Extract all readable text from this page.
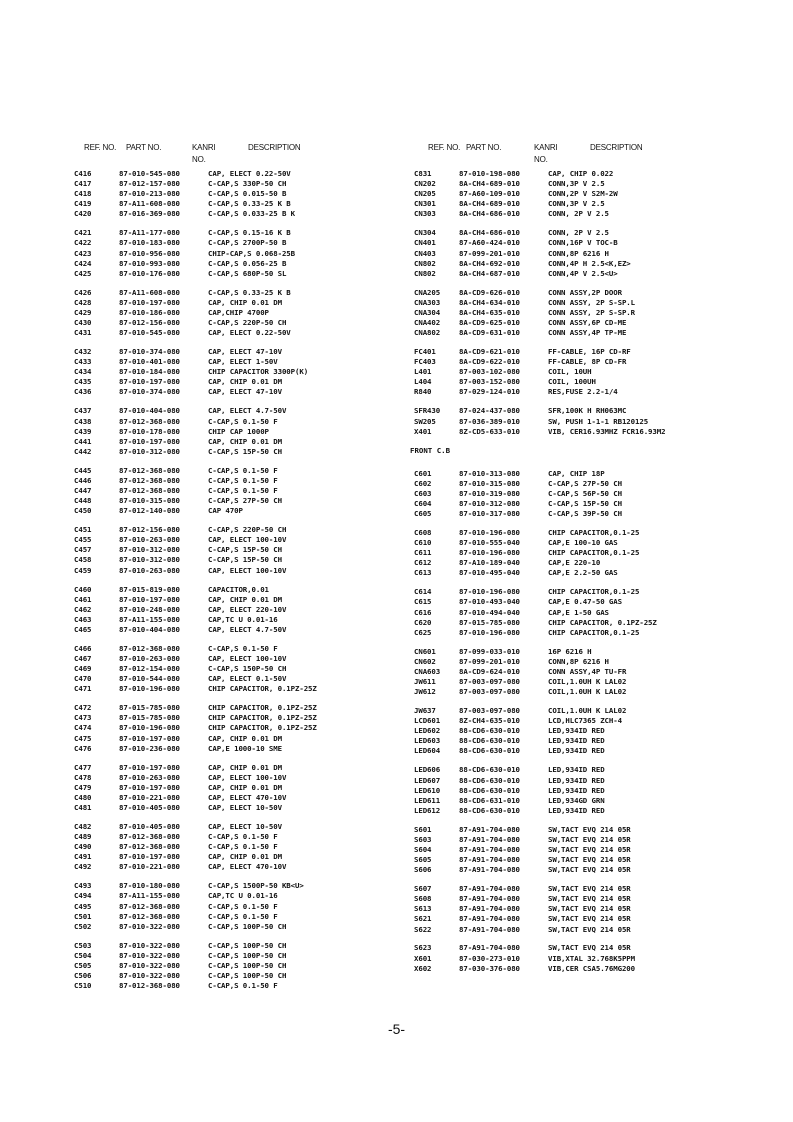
REF. NO. PART NO.	KANRI
NO.
DESCRIPTION
C416	87-010-545-080	CAP, ELECT 0.22-50V
C417	87-012-157-080	C-CAP,S 330P-50 CH
C418	87-010-213-080	C-CAP,S 0.015-50 B
C419	87-A11-608-080	C-CAP,S 0.33-25 K B
C420	87-016-369-080	C-CAP,S 0.033-25 B K
C421	87-A11-177-080	C-CAP,S 0.15-16 K B
C422	87-010-183-080	C-CAP,S 2700P-50 B
C423	87-010-956-080	CHIP-CAP,S 0.068-25B
C424	87-010-993-080	C-CAP,S 0.056-25 B
C425	87-010-176-080	C-CAP,S 680P-50 SL
C426	87-A11-608-080	C-CAP,S 0.33-25 K B
C428	87-010-197-080	CAP, CHIP 0.01 DM
C429	87-010-186-080	CAP,CHIP 4700P
C430	87-012-156-080	C-CAP,S 220P-50 CH
C431	87-010-545-080	CAP, ELECT 0.22-50V
C432	87-010-374-080	CAP, ELECT 47-10V
C433	87-010-401-080	CAP, ELECT 1-50V
C434	87-010-184-080	CHIP CAPACITOR 3300P(K)
C435	87-010-197-080	CAP, CHIP 0.01 DM
C436	87-010-374-080	CAP, ELECT 47-10V
C437	87-010-404-080	CAP, ELECT 4.7-50V
C438	87-012-368-080	C-CAP,S 0.1-50 F
C439	87-010-178-080	CHIP CAP 1000P
C441	87-010-197-080	CAP, CHIP 0.01 DM
C442	87-010-312-080	C-CAP,S 15P-50 CH
C445	87-012-368-080	C-CAP,S 0.1-50 F
C446	87-012-368-080	C-CAP,S 0.1-50 F
C447	87-012-368-080	C-CAP,S 0.1-50 F
C448	87-010-315-080	C-CAP,S 27P-50 CH
C450	87-012-140-080	CAP 470P
C451	87-012-156-080	C-CAP,S 220P-50 CH
C455	87-010-263-080	CAP, ELECT 100-10V
C457	87-010-312-080	C-CAP,S 15P-50 CH
C458	87-010-312-080	C-CAP,S 15P-50 CH
C459	87-010-263-080	CAP, ELECT 100-10V
C460	87-015-819-080	CAPACITOR,0.01
C461	87-010-197-080	CAP, CHIP 0.01 DM
C462	87-010-248-080	CAP, ELECT 220-10V
C463	87-A11-155-080	CAP,TC U 0.01-16
C465	87-010-404-080	CAP, ELECT 4.7-50V
C466	87-012-368-080	C-CAP,S 0.1-50 F
C467	87-010-263-080	CAP, ELECT 100-10V
C469	87-012-154-080	C-CAP,S 150P-50 CH
C470	87-010-544-080	CAP, ELECT 0.1-50V
C471	87-010-196-080	CHIP CAPACITOR, 0.1PZ-25Z
C472	87-015-785-080	CHIP CAPACITOR, 0.1PZ-25Z
C473	87-015-785-080	CHIP CAPACITOR, 0.1PZ-25Z
C474	87-010-196-080	CHIP CAPACITOR, 0.1PZ-25Z
C475	87-010-197-080	CAP, CHIP 0.01 DM
C476	87-010-236-080	CAP,E 1000-10 SME
C477	87-010-197-080	CAP, CHIP 0.01 DM
C478	87-010-263-080	CAP, ELECT 100-10V
C479	87-010-197-080	CAP, CHIP 0.01 DM
C480	87-010-221-080	CAP, ELECT 470-10V
C481	87-010-405-080	CAP, ELECT 10-50V
C482	87-010-405-080	CAP, ELECT 10-50V
C489	87-012-368-080	C-CAP,S 0.1-50 F
C490	87-012-368-080	C-CAP,S 0.1-50 F
C491	87-010-197-080	CAP, CHIP 0.01 DM
C492	87-010-221-080	CAP, ELECT 470-10V
C493	87-010-180-080	C-CAP,S 1500P-50 KB<U>
C494	87-A11-155-080	CAP,TC U 0.01-16
C495	87-012-368-080	C-CAP,S 0.1-50 F
C501	87-012-368-080	C-CAP,S 0.1-50 F
C502	87-010-322-080	C-CAP,S 100P-50 CH
C503	87-010-322-080	C-CAP,S 100P-50 CH
C504	87-010-322-080	C-CAP,S 100P-50 CH
C505	87-010-322-080	C-CAP,S 100P-50 CH
C506	87-010-322-080	C-CAP,S 100P-50 CH
C510	87-012-368-080	C-CAP,S 0.1-50 F
REF. NO. PART NO.	KANRI
NO.
DESCRIPTION
C831	87-010-198-080	CAP, CHIP 0.022
CN202	8A-CH4-689-010	CONN,3P V 2.5
CN205	87-A60-109-010	CONN,2P V S2M-2W
CN301	8A-CH4-689-010	CONN,3P V 2.5
CN303	8A-CH4-686-010	CONN, 2P V 2.5
CN304	8A-CH4-686-010	CONN, 2P V 2.5
CN401	87-A60-424-010	CONN,16P V TOC-B
CN403	87-099-201-010	CONN,8P 6216 H
CN802	8A-CH4-692-010	CONN,4P H 2.5<K,EZ>
CN802	8A-CH4-687-010	CONN,4P V 2.5<U>
CNA205	8A-CD9-626-010	CONN ASSY,2P DOOR
CNA303	8A-CH4-634-010	CONN ASSY, 2P S-SP.L
CNA304	8A-CH4-635-010	CONN ASSY, 2P S-SP.R
CNA402	8A-CD9-625-010	CONN ASSY,6P CD-ME
CNA802	8A-CD9-631-010	CONN ASSY,4P TP-ME
FC401	8A-CD9-621-010	FF-CABLE, 16P CD-RF
FC403	8A-CD9-622-010	FF-CABLE, 8P CD-FR
L401	87-003-102-080	COIL, 10UH
L404	87-003-152-080	COIL, 100UH
R840	87-029-124-010	RES,FUSE 2.2-1/4
SFR430	87-024-437-080	SFR,100K H RH063MC
SW205	87-036-389-010	SW, PUSH 1-1-1 RB120125
X401	8Z-CD5-633-010	VIB, CER16.93MHZ FCR16.93M2
FRONT C.B
C601	87-010-313-080	CAP, CHIP 18P
C602	87-010-315-080	C-CAP,S 27P-50 CH
C603	87-010-319-080	C-CAP,S 56P-50 CH
C604	87-010-312-080	C-CAP,S 15P-50 CH
C605	87-010-317-080	C-CAP,S 39P-50 CH
C608	87-010-196-080	CHIP CAPACITOR,0.1-25
C610	87-010-555-040	CAP,E 100-10 GAS
C611	87-010-196-080	CHIP CAPACITOR,0.1-25
C612	87-A10-189-040	CAP,E 220-10
C613	87-010-495-040	CAP,E 2.2-50 GAS
C614	87-010-196-080	CHIP CAPACITOR,0.1-25
C615	87-010-493-040	CAP,E 0.47-50 GAS
C616	87-010-494-040	CAP,E 1-50 GAS
C620	87-015-785-080	CHIP CAPACITOR, 0.1PZ-25Z
C625	87-010-196-080	CHIP CAPACITOR,0.1-25
CN601	87-099-033-010	16P 6216 H
CN602	87-099-201-010	CONN,8P 6216 H
CNA603	8A-CD9-624-010	CONN ASSY,4P TU-FR
JW611	87-003-097-080	COIL,1.0UH K LAL02
JW612	87-003-097-080	COIL,1.0UH K LAL02
JW637	87-003-097-080	COIL,1.0UH K LAL02
LCD601	8Z-CH4-635-010	LCD,HLC7365 ZCH-4
LED602	88-CD6-630-010	LED,934ID RED
LED603	88-CD6-630-010	LED,934ID RED
LED604	88-CD6-630-010	LED,934ID RED
LED606	88-CD6-630-010	LED,934ID RED
LED607	88-CD6-630-010	LED,934ID RED
LED610	88-CD6-630-010	LED,934ID RED
LED611	88-CD6-631-010	LED,934GD GRN
LED612	88-CD6-630-010	LED,934ID RED
S601	87-A91-704-080	SW,TACT EVQ 214 05R
S603	87-A91-704-080	SW,TACT EVQ 214 05R
S604	87-A91-704-080	SW,TACT EVQ 214 05R
S605	87-A91-704-080	SW,TACT EVQ 214 05R
S606	87-A91-704-080	SW,TACT EVQ 214 05R
S607	87-A91-704-080	SW,TACT EVQ 214 05R
S608	87-A91-704-080	SW,TACT EVQ 214 05R
S613	87-A91-704-080	SW,TACT EVQ 214 05R
S621	87-A91-704-080	SW,TACT EVQ 214 05R
S622	87-A91-704-080	SW,TACT EVQ 214 05R
S623	87-A91-704-080	SW,TACT EVQ 214 05R
X601	87-030-273-010	VIB,XTAL 32.768K5PPM
X602	87-030-376-080	VIB,CER CSA5.76MG200
-5-
